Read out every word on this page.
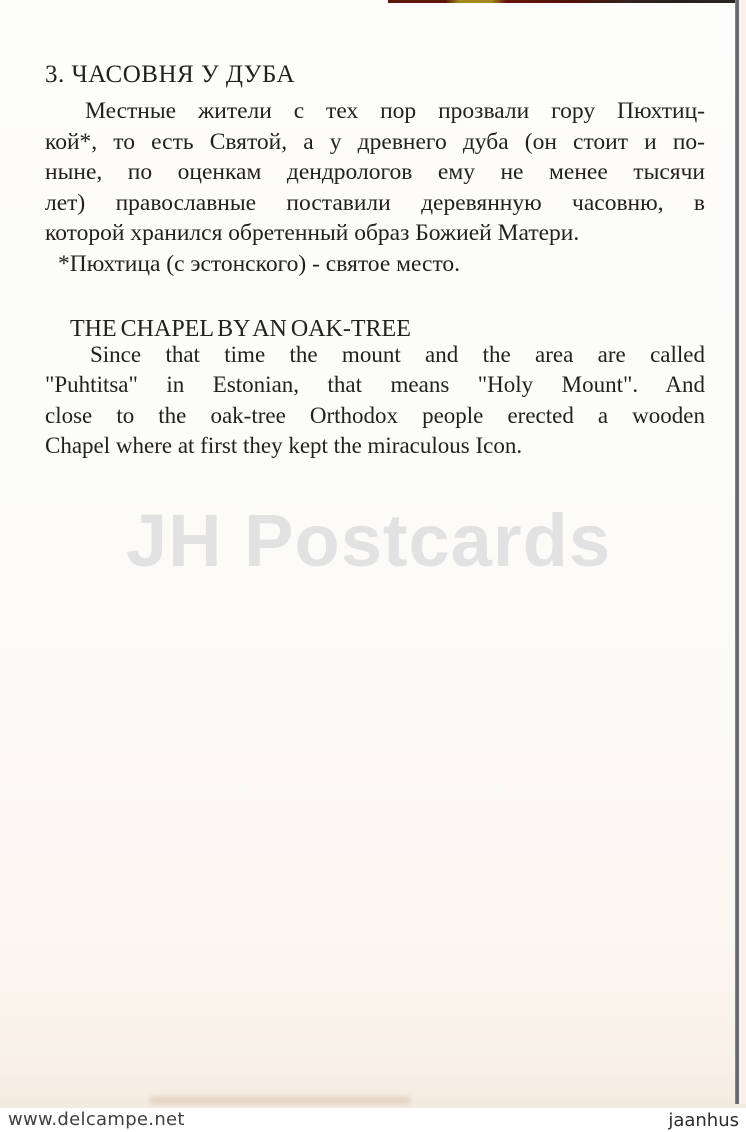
3. ЧАСОВНЯ У ДУБА
Местные жители с тех пор прозвали гору Пюхтиц-
кой*, то есть Святой, а у древнего дуба (он стоит и по-
ныне, по оценкам дендрологов ему не менее тысячи
лет) православные поставили деревянную часовню, в
которой хранился обретенный образ Божией Матери.
*Пюхтица (с эстонского) - святое место.
THE CHAPEL BY AN OAK-TREE
Since that time the mount and the area are called
"Puhtitsa" in Estonian, that means "Holy Mount". And
close to the oak-tree Orthodox people erected a wooden
Chapel where at first they kept the miraculous Icon.
JH Postcards
www.delcampe.net	jaanhus
